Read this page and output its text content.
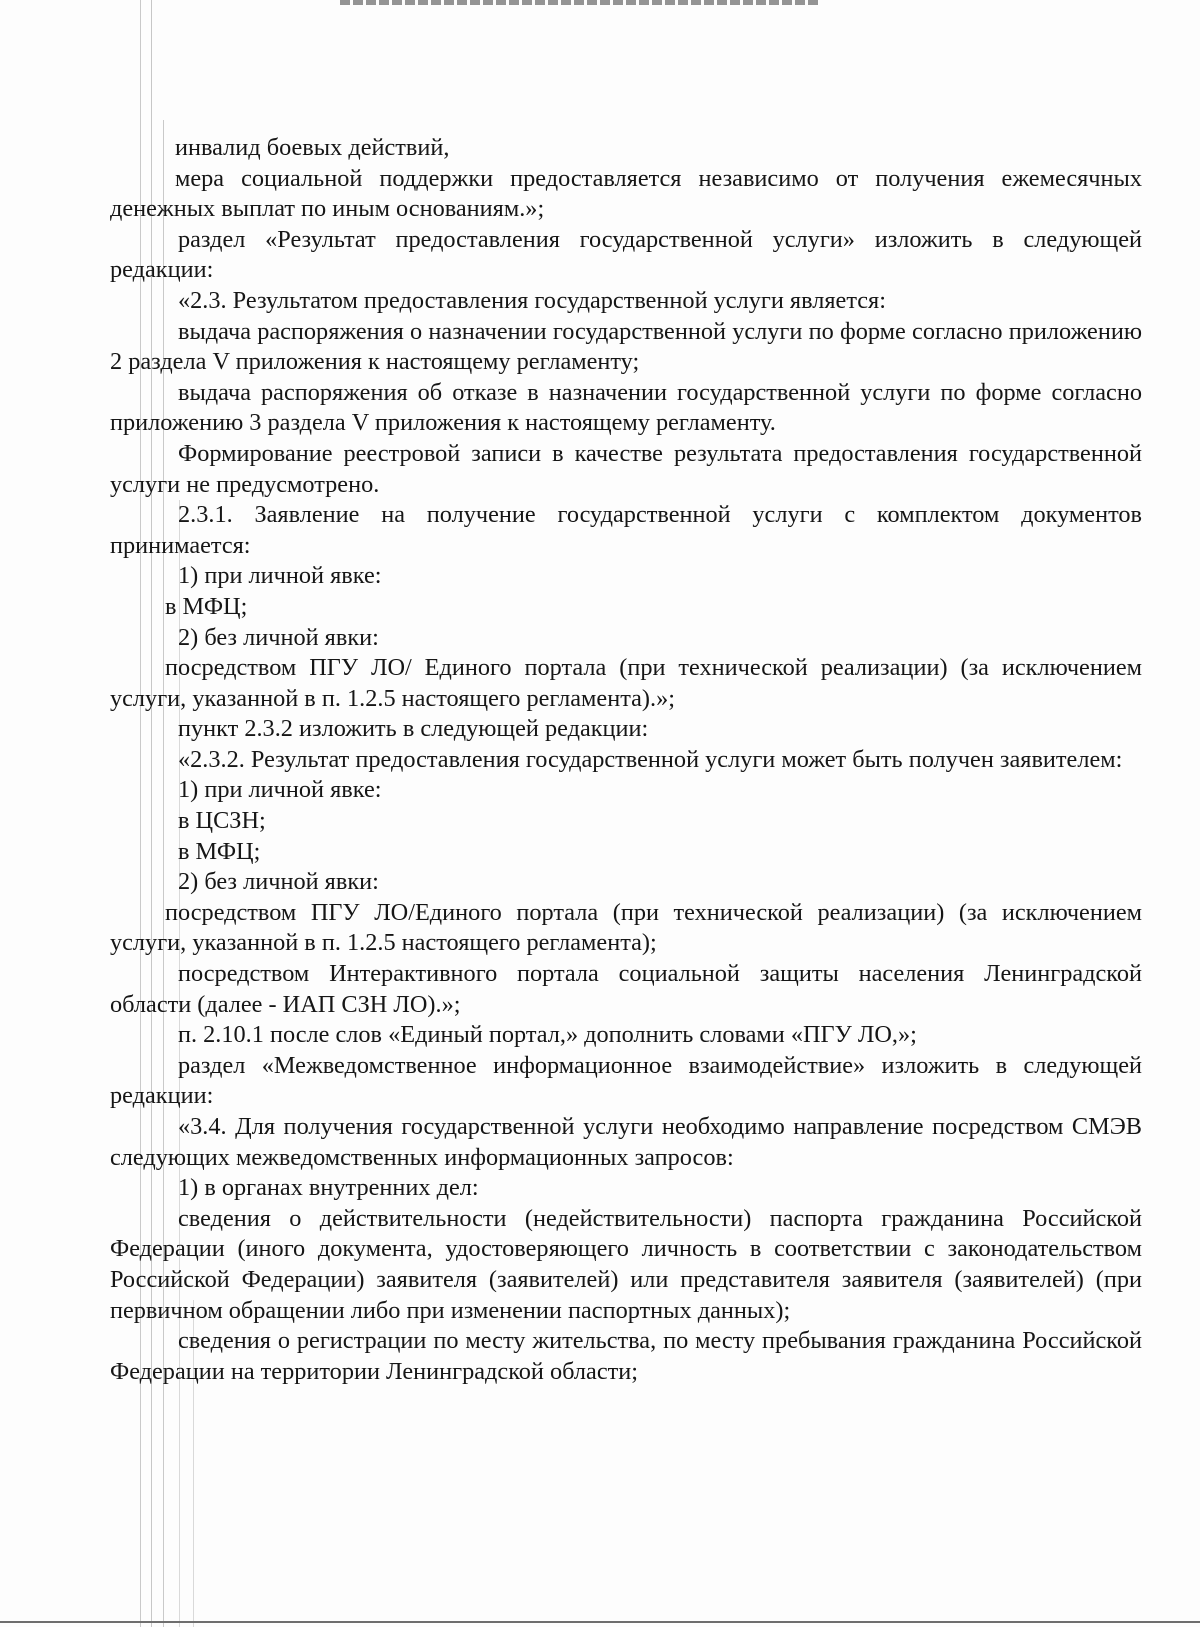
инвалид боевых действий,

мера социальной поддержки предоставляется независимо от получения ежемесячных денежных выплат по иным основаниям.»;

раздел «Результат предоставления государственной услуги» изложить в следующей редакции:

«2.3. Результатом предоставления государственной услуги является:

выдача распоряжения о назначении государственной услуги по форме согласно приложению 2 раздела V приложения к настоящему регламенту;

выдача распоряжения об отказе в назначении государственной услуги по форме согласно приложению 3 раздела V приложения к настоящему регламенту.

Формирование реестровой записи в качестве результата предоставления государственной услуги не предусмотрено.

2.3.1. Заявление на получение государственной услуги с комплектом документов принимается:

1) при личной явке:

в МФЦ;

2) без личной явки:

посредством ПГУ ЛО/ Единого портала (при технической реализации) (за исключением услуги, указанной в п. 1.2.5 настоящего регламента).»;

пункт 2.3.2 изложить в следующей редакции:

«2.3.2. Результат предоставления государственной услуги может быть получен заявителем:

1) при личной явке:

в ЦСЗН;

в МФЦ;

2) без личной явки:

посредством ПГУ ЛО/Единого портала (при технической реализации) (за исключением услуги, указанной в п. 1.2.5 настоящего регламента);

посредством Интерактивного портала социальной защиты населения Ленинградской области (далее - ИАП СЗН ЛО).»;

п. 2.10.1 после слов «Единый портал,» дополнить словами «ПГУ ЛО,»;

раздел «Межведомственное информационное взаимодействие» изложить в следующей редакции:

«3.4. Для получения государственной услуги необходимо направление посредством СМЭВ следующих межведомственных информационных запросов:

1) в органах внутренних дел:

сведения о действительности (недействительности) паспорта гражданина Российской Федерации (иного документа, удостоверяющего личность в соответствии с законодательством Российской Федерации) заявителя (заявителей) или представителя заявителя (заявителей) (при первичном обращении либо при изменении паспортных данных);

сведения о регистрации по месту жительства, по месту пребывания гражданина Российской Федерации на территории Ленинградской области;
